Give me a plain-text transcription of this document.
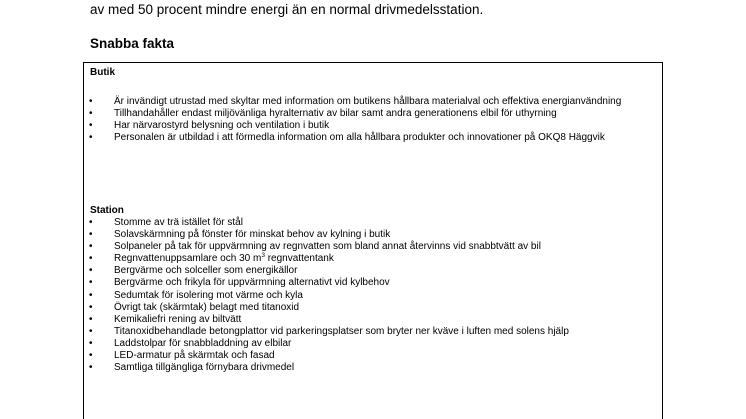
av med 50 procent mindre energi än en normal drivmedelsstation.

Snabba fakta
Butik
• Är invändigt utrustad med skyltar med information om butikens hållbara materialval och effektiva energianvändning
• Tillhandahåller endast miljövänliga hyralternativ av bilar samt andra generationens elbil för uthyrning
• Har närvarostyrd belysning och ventilation i butik
• Personalen är utbildad i att förmedla information om alla hållbara produkter och innovationer på OKQ8 Häggvik
Station
• Stomme av trä istället för stål
• Solavskärmning på fönster för minskat behov av kylning i butik
• Solpaneler på tak för uppvärmning av regnvatten som bland annat återvinns vid snabbtvätt av bil
• Regnvattenuppsamlare och 30 $m^3$ regnvattentank
• Bergvärme och solceller som energikällor
• Bergvärme och frikyla för uppvärmning alternativt vid kylbehov
• Sedumtak för isolering mot värme och kyla
• Övrigt tak (skärmtak) belagt med titanoxid
• Kemikaliefri rening av biltvätt
• Titanoxidbehandlade betongplattor vid parkeringsplatser som bryter ner kväve i luften med solens hjälp
• Laddstolpar för snabbladdning av elbilar
• LED-armatur på skärmtak och fasad
• Samtliga tillgängliga förnybara drivmedel
